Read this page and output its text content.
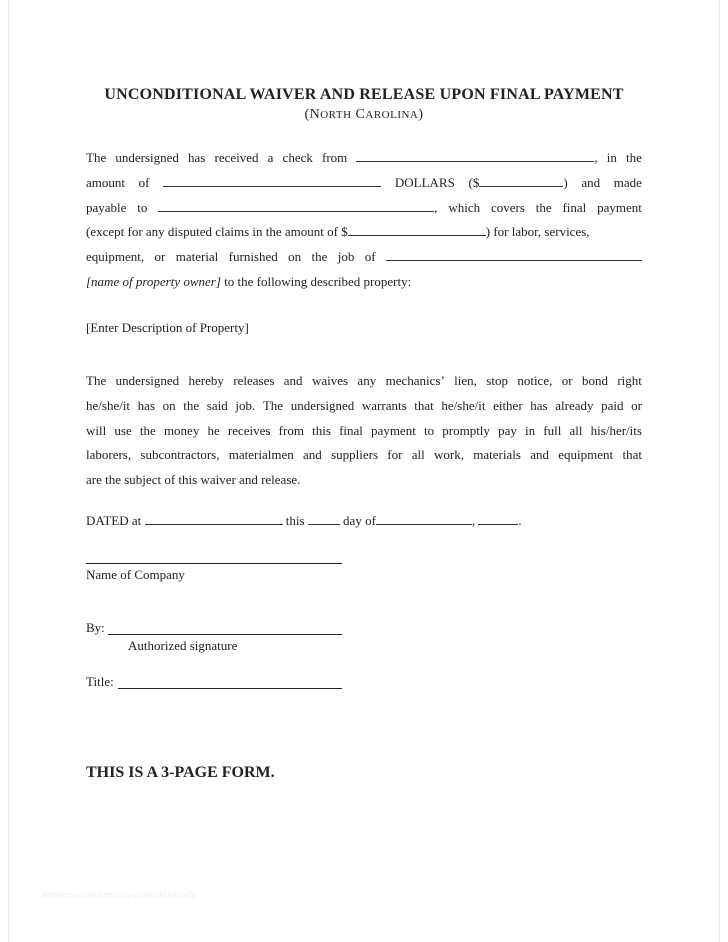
UNCONDITIONAL WAIVER AND RELEASE UPON FINAL PAYMENT
(NORTH CAROLINA)
The undersigned has received a check from	, in the
amount of	DOLLARS ($	) and made
payable to	, which covers the final payment
(except for any disputed claims in the amount of $	) for labor, services,
equipment, or material furnished on the job of
[name of property owner] to the following described property:
[Enter Description of Property]
The undersigned hereby releases and waives any mechanics’ lien, stop notice, or bond right
he/she/it has on the said job. The undersigned warrants that he/she/it either has already paid or
will use the money he receives from this final payment to promptly pay in full all his/her/its
laborers, subcontractors, materialmen and suppliers for all work, materials and equipment that
are the subject of this waiver and release.
DATED at	this	day of	,	.
Name of Company
By:
Authorized signature
Title:
THIS IS A 3-PAGE FORM.
ebookmanual.com/wp-content/uploads
